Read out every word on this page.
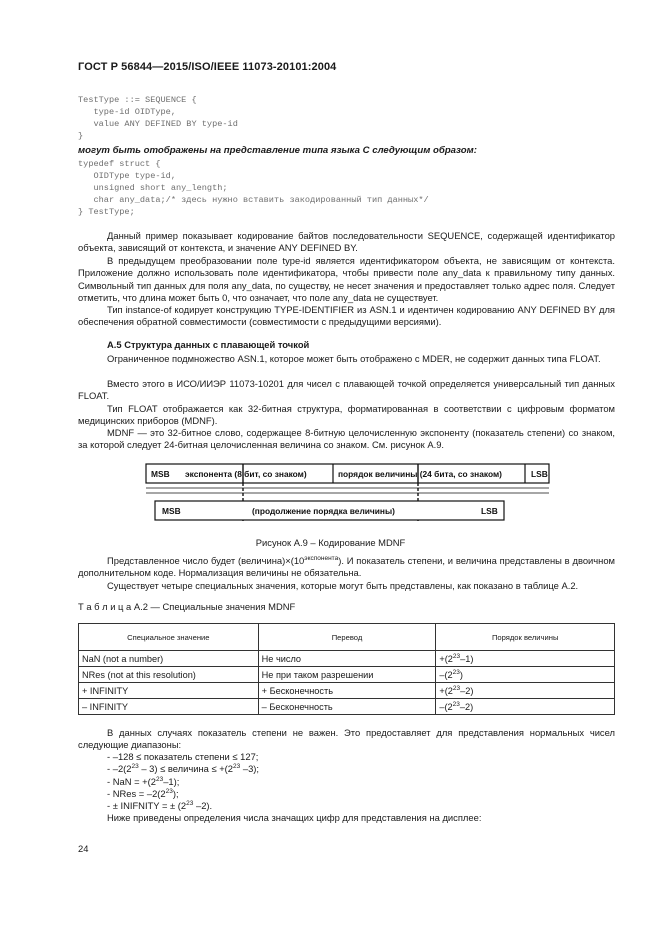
ГОСТ Р 56844—2015/ISO/IEEE 11073-20101:2004
TestType ::= SEQUENCE {
type-id OIDType,
value ANY DEFINED BY type-id
}
могут быть отображены на представление типа языка С следующим образом:
typedef struct {
OIDType type-id,
unsigned short any_length;
char any_data;/* здесь нужно вставить закодированный тип данных*/
} TestType;

Данный пример показывает кодирование байтов последовательности SEQUENCE, содержащей идентификатор объекта, зависящий от контекста, и значение ANY DEFINED BY.

В предыдущем преобразовании поле type-id является идентификатором объекта, не зависящим от контекста. Приложение должно использовать поле идентификатора, чтобы привести поле any_data к правильному типу данных. Символьный тип данных для поля any_data, по существу, не несет значения и предоставляет только адрес поля. Следует отметить, что длина может быть 0, что означает, что поле any_data не существует.

Тип instance-of кодирует конструкцию TYPE-IDENTIFIER из ASN.1 и идентичен кодированию ANY DEFINED BY для обеспечения обратной совместимости (совместимости с предыдущими версиями).

А.5 Структура данных с плавающей точкой

Ограниченное подмножество ASN.1, которое может быть отображено с MDER, не содержит данных типа FLOAT.

Вместо этого в ИСО/ИИЭР 11073-10201 для чисел с плавающей точкой определяется универсальный тип данных FLOAT.

Тип FLOAT отображается как 32-битная структура, форматированная в соответствии с цифровым форматом медицинских приборов (MDNF).

MDNF — это 32-битное слово, содержащее 8-битную целочисленную экспоненту (показатель степени) со знаком, за которой следует 24-битная целочисленная величина со знаком. См. рисунок А.9.

MSB экспонента (8 бит, со знаком)	порядок величины (24 бита, со знаком)	LSB
MSB	(продолжение порядка величины)	LSB
Рисунок А.9 – Кодирование MDNF

Представленное число будет $(величина)\times(10^{экспонента})$. И показатель степени, и величина представлены в двоичном дополнительном коде. Нормализация величины не обязательна.

Существует четыре специальных значения, которые могут быть представлены, как показано в таблице А.2.

Т а б л и ц а А.2 — Специальные значения MDNF
Специальное значение	Перевод	Порядок величины
NaN (not a number)	Не число	$+(2^{23}-1)$
NRes (not at this resolution)	Не при таком разрешении	$-(2^{23})$
+ INFINITY	+ Бесконечность	$+(2^{23}-2)$
– INFINITY	– Бесконечность	$-(2^{23}-2)$

В данных случаях показатель степени не важен. Это предоставляет для представления нормальных чисел следующие диапазоны:

- –128 ≤ показатель степени ≤ 127;
- $-2(2^{23} - 3)$ ≤ величина ≤ $+(2^{23}$ –3);
- NaN = $+(2^{23}-1)$;
- NRes = $-2(2^{23})$;
- ± INIFNITY = ± ($2^{23}$ –2).

Ниже приведены определения числа значащих цифр для представления на дисплее:

24
